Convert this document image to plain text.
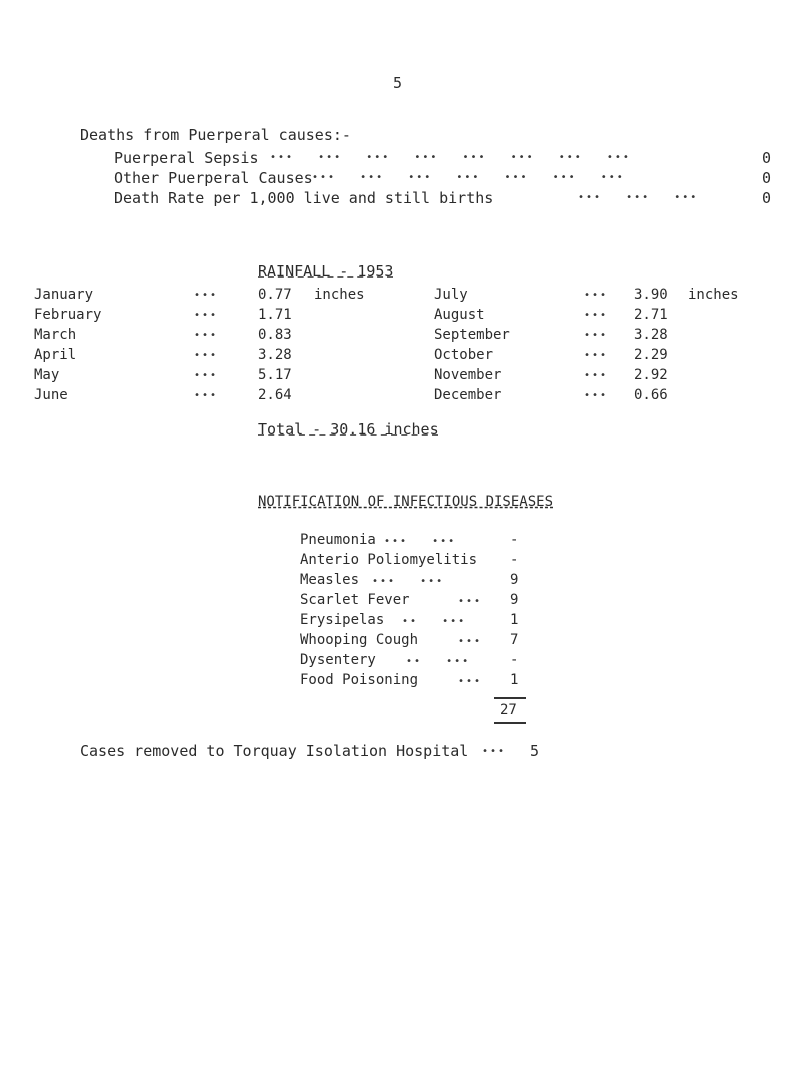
5
Deaths from Puerperal causes:-
Puerperal Sepsis •••   •••   •••   •••   •••   •••   •••   •••	0
Other Puerperal Causes •••   •••   •••   •••   •••   •••   •••	0
Death Rate per 1,000 live and still births	•••   •••   •••	0
RAINFALL - 1953
January	•••	0.77 inches
February	•••	1.71
March	•••	0.83
April	•••	3.28
May	•••	5.17
June	•••	2.64
July	••• 3.90 inches
August	••• 2.71
September	••• 3.28
October	••• 2.29
November	••• 2.92
December	••• 0.66
Total - 30.16 inches
NOTIFICATION OF INFECTIOUS DISEASES
Pneumonia •••   •••	-
Anterio Poliomyelitis -
Measles •••   •••	9
Scarlet Fever	••• 9
Erysipelas ••   •••	1
Whooping Cough	••• 7
Dysentery	••   •••	-
Food Poisoning	••• 1
27
Cases removed to Torquay Isolation Hospital ••• 5
